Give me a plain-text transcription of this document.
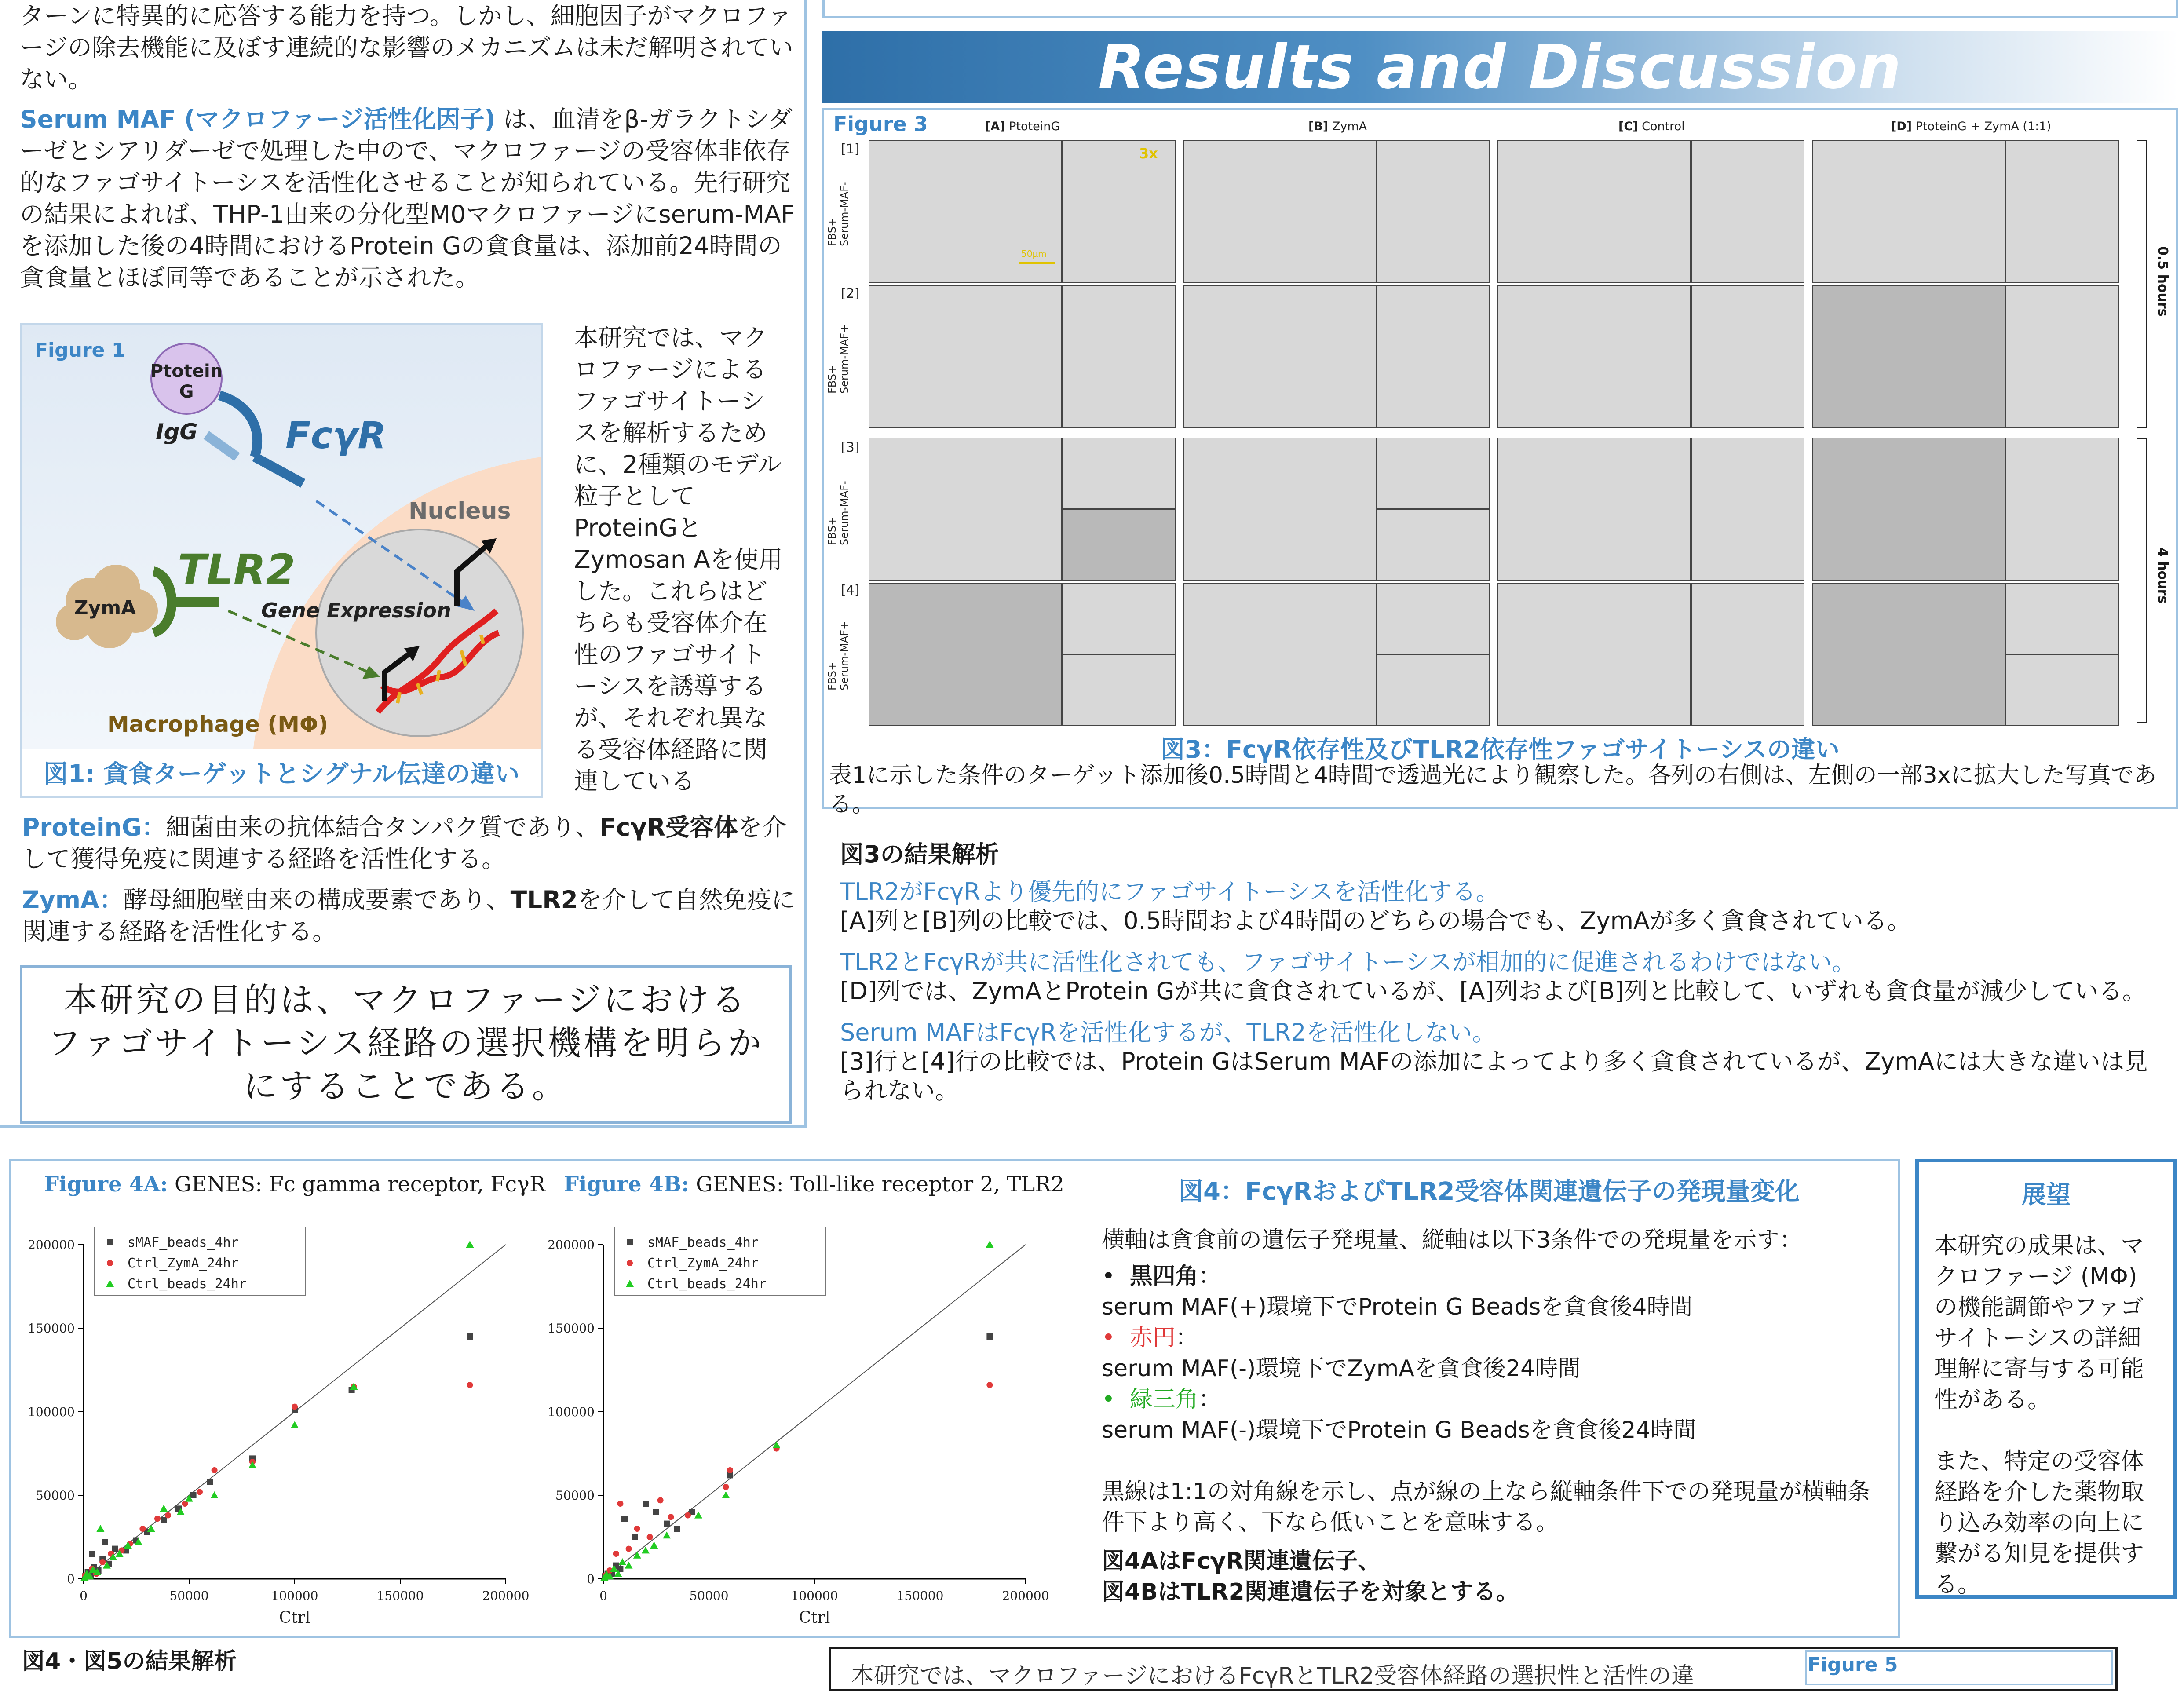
ターンに特異的に応答する能力を持つ。しかし、細胞因子がマクロファージの除去機能に及ぼす連続的な影響のメカニズムは未だ解明されていない。

Serum MAF (マクロファージ活性化因子) は、血清をβ-ガラクトシダーゼとシアリダーゼで処理した中ので、マクロファージの受容体非依存的なファゴサイトーシスを活性化させることが知られている。先行研究の結果によれば、THP-1由来の分化型M0マクロファージにserum-MAFを添加した後の4時間におけるProtein Gの貪食量は、添加前24時間の貪食量とほぼ同等であることが示された。

Ptotein
G
IgG FcγR
Nucleus
ZymA
TLR2
Gene Expression
Macrophage (MΦ)
Figure 1
図1: 貪食ターゲットとシグナル伝達の違い

本研究では、マクロファージによるファゴサイトーシスを解析するために、2種類のモデル粒子としてProteinGとZymosan Aを使用した。これらはどちらも受容体介在性のファゴサイトーシスを誘導するが、それぞれ異なる受容体経路に関連している

ProteinG：細菌由来の抗体結合タンパク質であり、FcγR受容体を介して獲得免疫に関連する経路を活性化する。

ZymA：酵母細胞壁由来の構成要素であり、TLR2を介して自然免疫に関連する経路を活性化する。

本研究の目的は、マクロファージにおける
ファゴサイトーシス経路の選択機構を明らか
にすることである。
Results and Discussion
Figure 3	[A] PtoteinG	[B] ZymA	[C] Control	[D] PtoteinG + ZymA (1:1)
[1]
[2]
[3]
[4]
FBS+
Serum-MAF-
FBS+
Serum-MAF+
FBS+
Serum-MAF-
FBS+
Serum-MAF+
3x
50μm	0.5 hours
4 hours
図3：FcγR依存性及びTLR2依存性ファゴサイトーシスの違い

表1に示した条件のターゲット添加後0.5時間と4時間で透過光により観察した。各列の右側は、左側の一部3xに拡大した写真である。

図3の結果解析

TLR2がFcγRより優先的にファゴサイトーシスを活性化する。

[A]列と[B]列の比較では、0.5時間および4時間のどちらの場合でも、ZymAが多く貪食されている。

TLR2とFcγRが共に活性化されても、ファゴサイトーシスが相加的に促進されるわけではない。

[D]列では、ZymAとProtein Gが共に貪食されているが、[A]列および[B]列と比較して、いずれも貪食量が減少している。

Serum MAFはFcγRを活性化するが、TLR2を活性化しない。

[3]行と[4]行の比較では、Protein GはSerum MAFの添加によってより多く貪食されているが、ZymAには大きな違いは見られない。

Figure 4A: GENES: Fc gamma receptor, FcγR Figure 4B: GENES: Toll-like receptor 2, TLR2
0	50000	100000	150000	200000
0
50000
100000
150000
200000
Ctrl
sMAF_beads_4hr
Ctrl_ZymA_24hr
Ctrl_beads_24hr
0	50000	100000	150000	200000
0
50000
100000
150000
200000
Ctrl
sMAF_beads_4hr
Ctrl_ZymA_24hr
Ctrl_beads_24hr
図4：FcγRおよびTLR2受容体関連遺伝子の発現量変化

横軸は貪食前の遺伝子発現量、縦軸は以下3条件での発現量を示す：

•  黒四角：

serum MAF(+)環境下でProtein G Beadsを貪食後4時間

•  赤円：

serum MAF(-)環境下でZymAを貪食後24時間

•  緑三角：

serum MAF(-)環境下でProtein G Beadsを貪食後24時間

黒線は1:1の対角線を示し、点が線の上なら縦軸条件下での発現量が横軸条件下より高く、下なら低いことを意味する。

図4AはFcγR関連遺伝子、

図4BはTLR2関連遺伝子を対象とする。

展望

本研究の成果は、マクロファージ (MΦ) の機能調節やファゴサイトーシスの詳細理解に寄与する可能性がある。

また、特定の受容体経路を介した薬物取り込み効率の向上に繋がる知見を提供する。

図4・図5の結果解析
本研究では、マクロファージにおけるFcγRとTLR2受容体経路の選択性と活性の違	Figure 5
